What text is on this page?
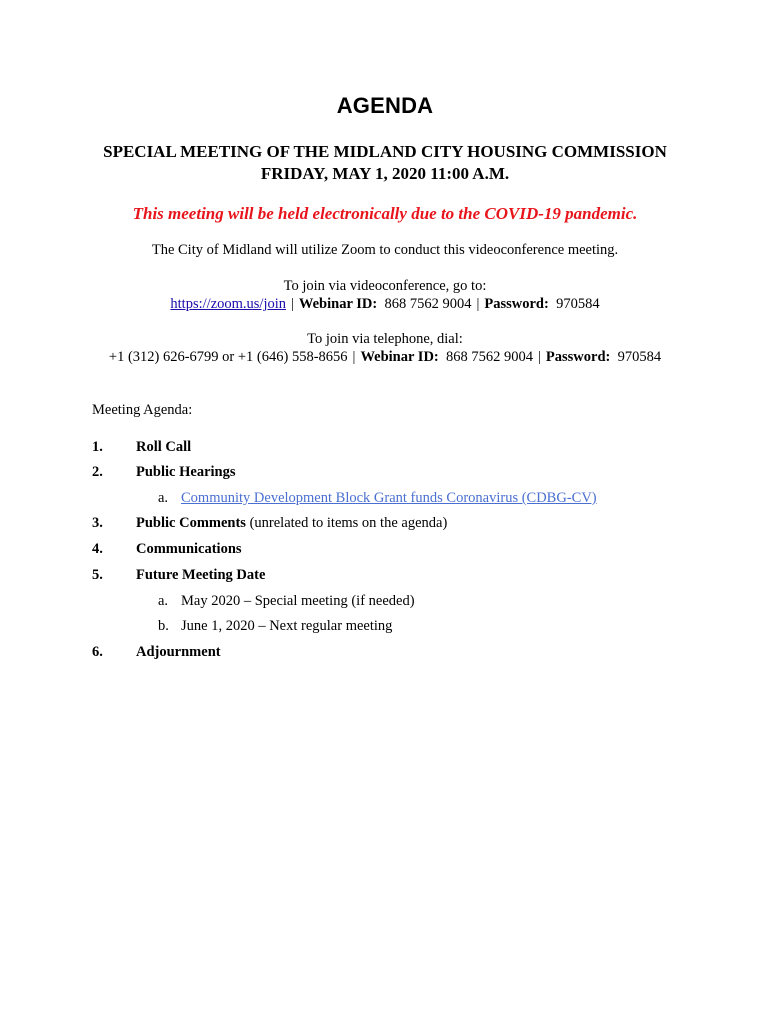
AGENDA
SPECIAL MEETING OF THE MIDLAND CITY HOUSING COMMISSION
FRIDAY, MAY 1, 2020 11:00 A.M.
This meeting will be held electronically due to the COVID-19 pandemic.
The City of Midland will utilize Zoom to conduct this videoconference meeting.
To join via videoconference, go to:
https://zoom.us/join | Webinar ID: 868 7562 9004 | Password: 970584
To join via telephone, dial:
+1 (312) 626-6799 or +1 (646) 558-8656 | Webinar ID: 868 7562 9004 | Password: 970584
Meeting Agenda:
1. Roll Call
2. Public Hearings
a. Community Development Block Grant funds Coronavirus (CDBG-CV)
3. Public Comments (unrelated to items on the agenda)
4. Communications
5. Future Meeting Date
a. May 2020 – Special meeting (if needed)
b. June 1, 2020 – Next regular meeting
6. Adjournment
